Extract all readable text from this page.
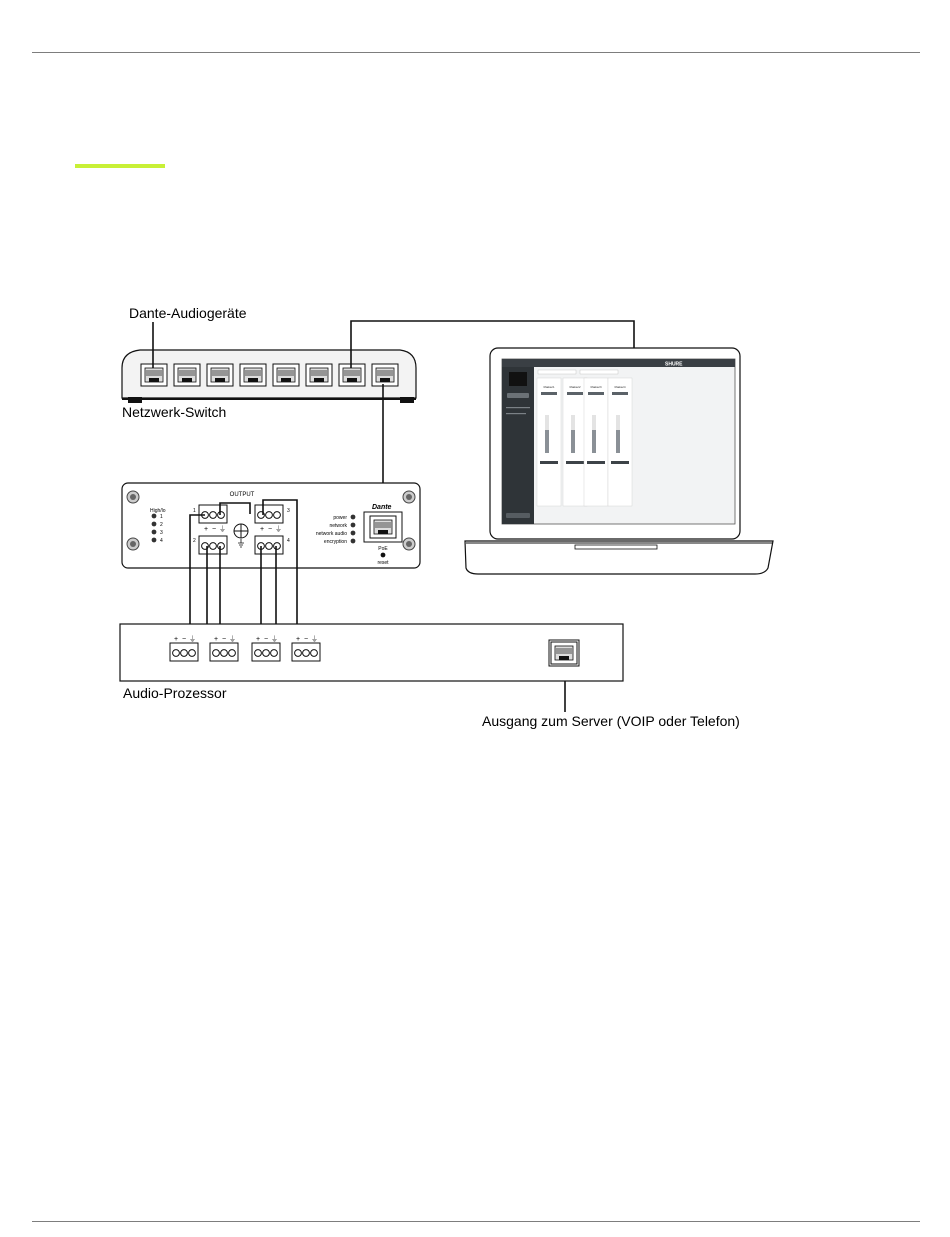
Dante-Audiogeräte
Netzwerk-Switch
OUTPUT
High/lo
1
2
3
4
1
2
3
4
+ − ⏚	+ − ⏚
power
network
network audio
encryption
Dante
PoE
reset
+ − ⏚	+ − ⏚	+ − ⏚	+ − ⏚
Audio-Prozessor
Ausgang zum Server (VOIP oder Telefon)
SHURE
Channel 1	Channel 2	Channel 3	Channel 4
